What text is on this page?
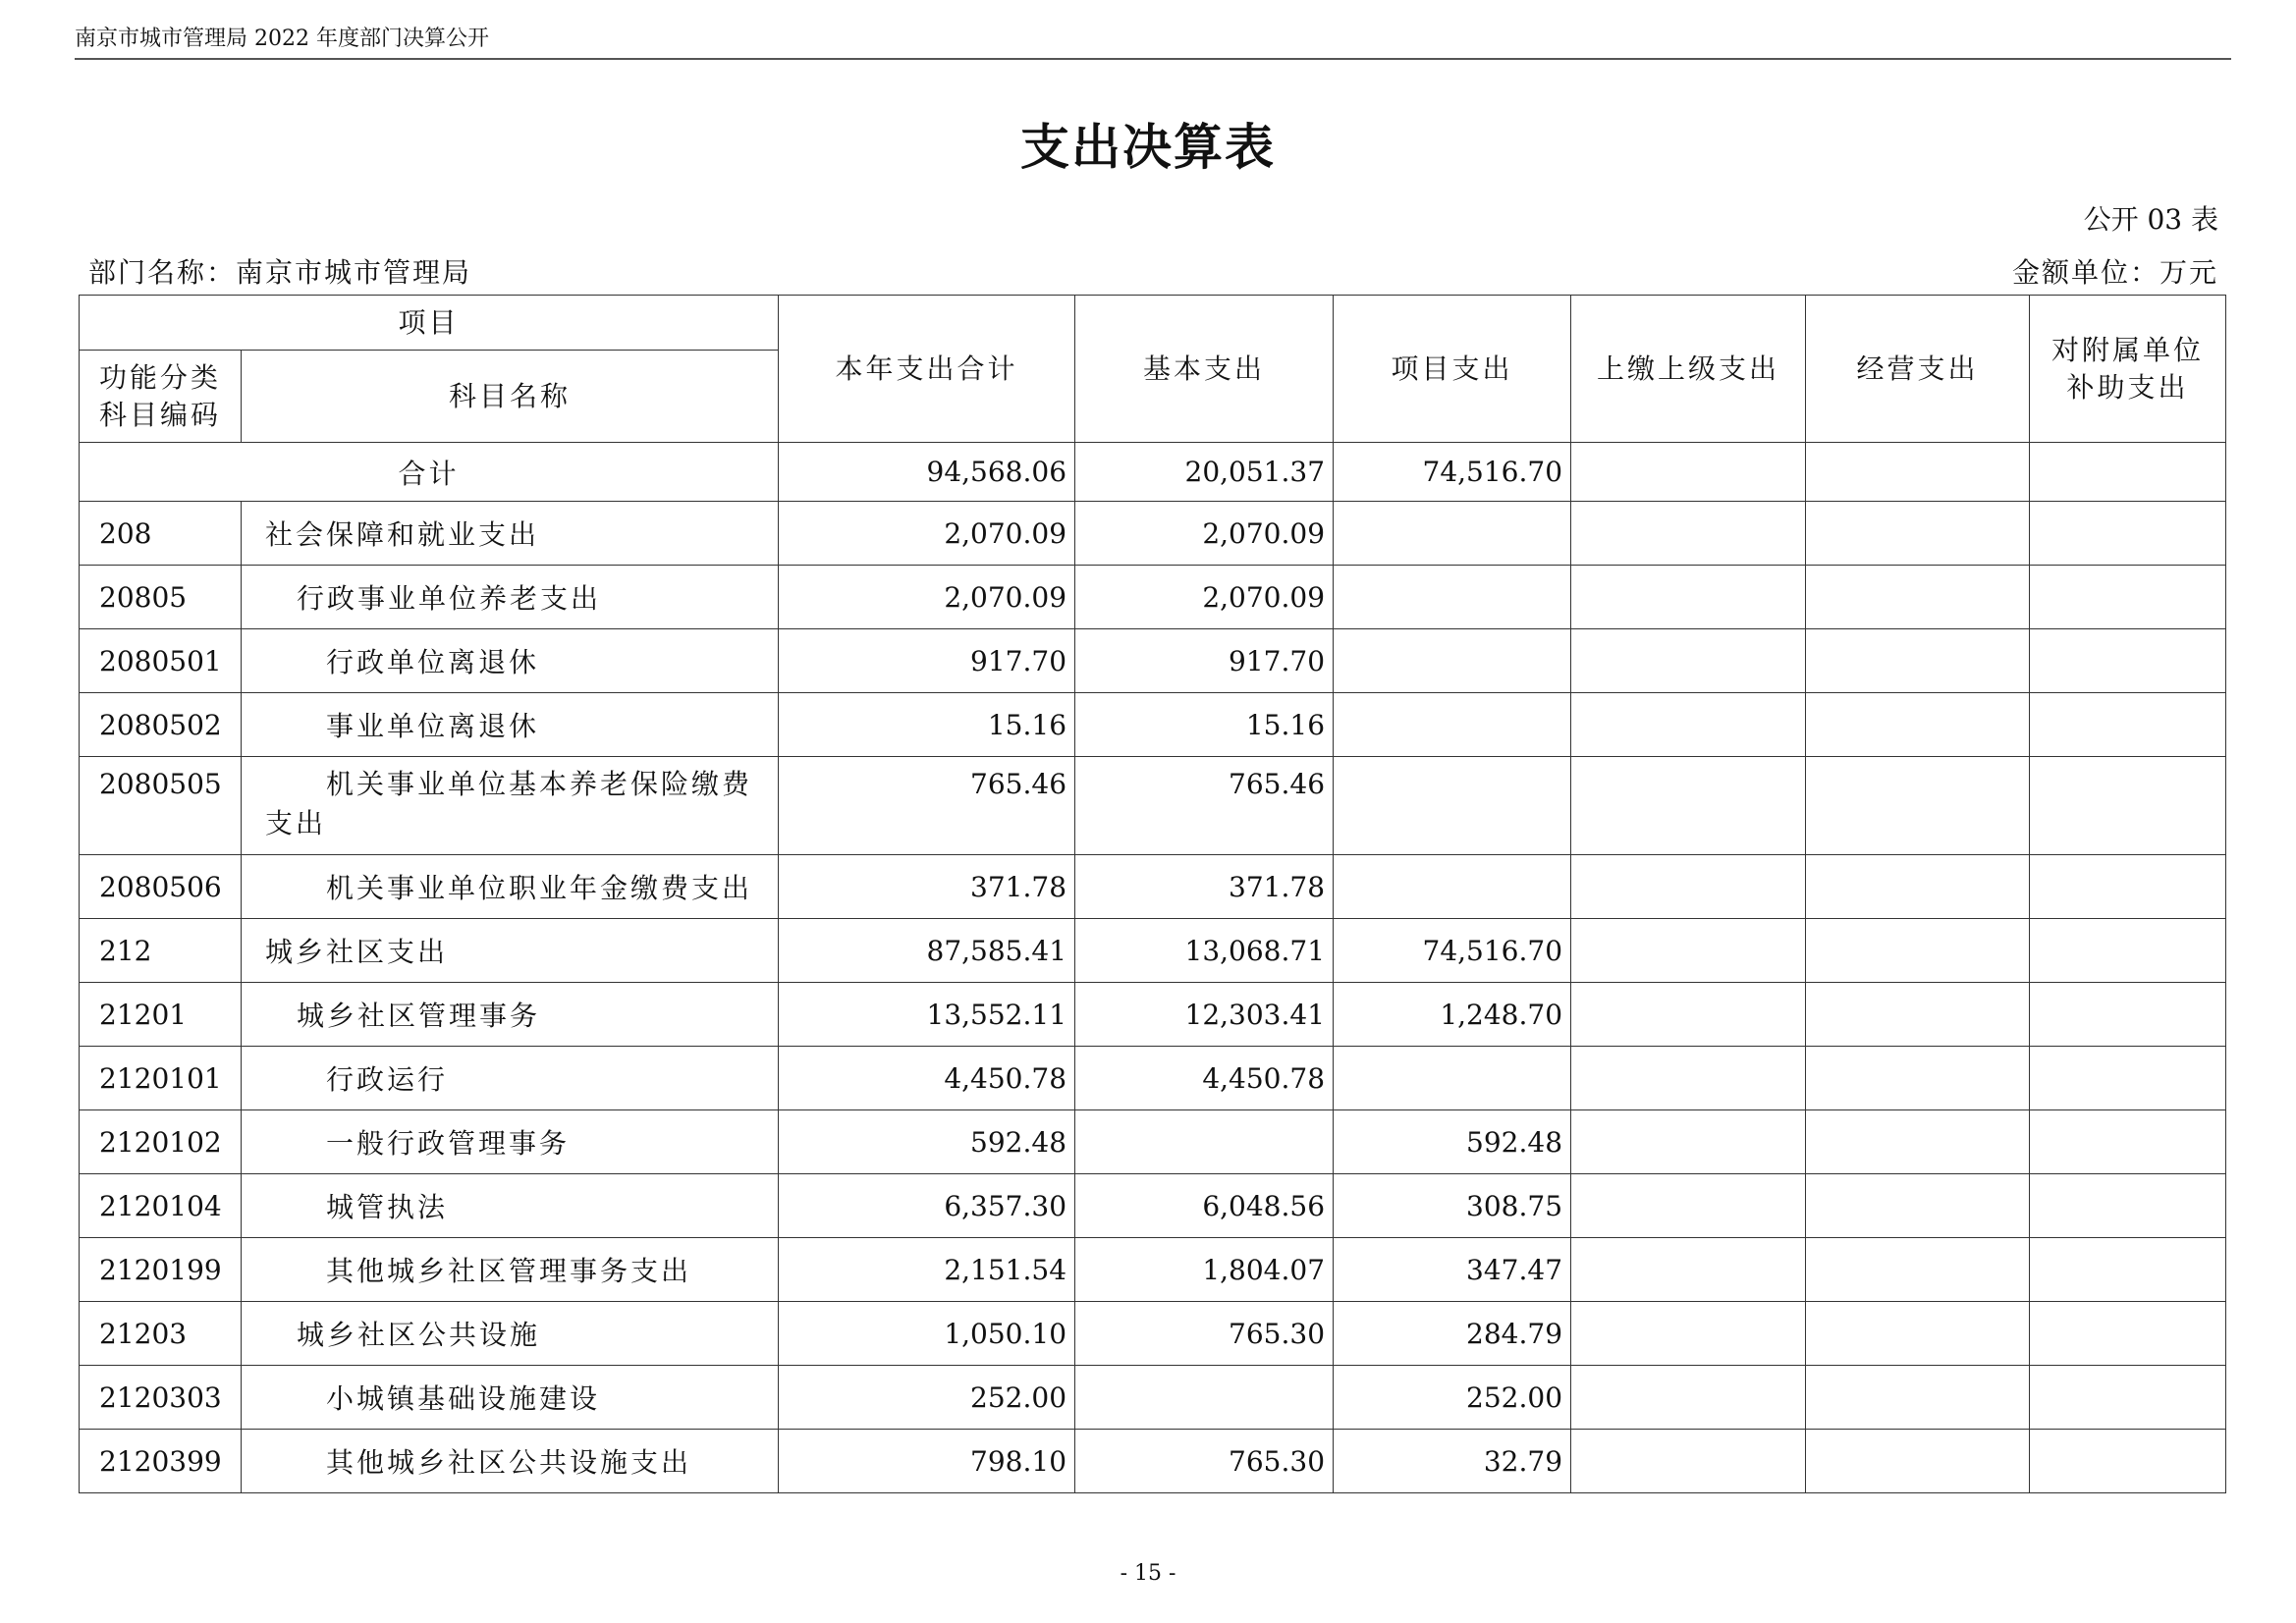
南京市城市管理局 2022 年度部门决算公开
支出决算表
公开 03 表
部门名称：南京市城市管理局	金额单位：万元
项目		本年支出合计	基本支出	项目支出	上缴上级支出	经营支出	对附属单位补助支出
功能分类科目编码	科目名称						
合计		94,568.06	20,051.37	74,516.70			
208	社会保障和就业支出	2,070.09	2,070.09				
20805	行政事业单位养老支出	2,070.09	2,070.09				
2080501	行政单位离退休	917.70	917.70				
2080502	事业单位离退休	15.16	15.16				
2080505	机关事业单位基本养老保险缴费支出	765.46	765.46				
2080506	机关事业单位职业年金缴费支出	371.78	371.78				
212	城乡社区支出	87,585.41	13,068.71	74,516.70			
21201	城乡社区管理事务	13,552.11	12,303.41	1,248.70			
2120101	行政运行	4,450.78	4,450.78				
2120102	一般行政管理事务	592.48		592.48			
2120104	城管执法	6,357.30	6,048.56	308.75			
2120199	其他城乡社区管理事务支出	2,151.54	1,804.07	347.47			
21203	城乡社区公共设施	1,050.10	765.30	284.79			
2120303	小城镇基础设施建设	252.00		252.00			
2120399	其他城乡社区公共设施支出	798.10	765.30	32.79			
- 15 -
